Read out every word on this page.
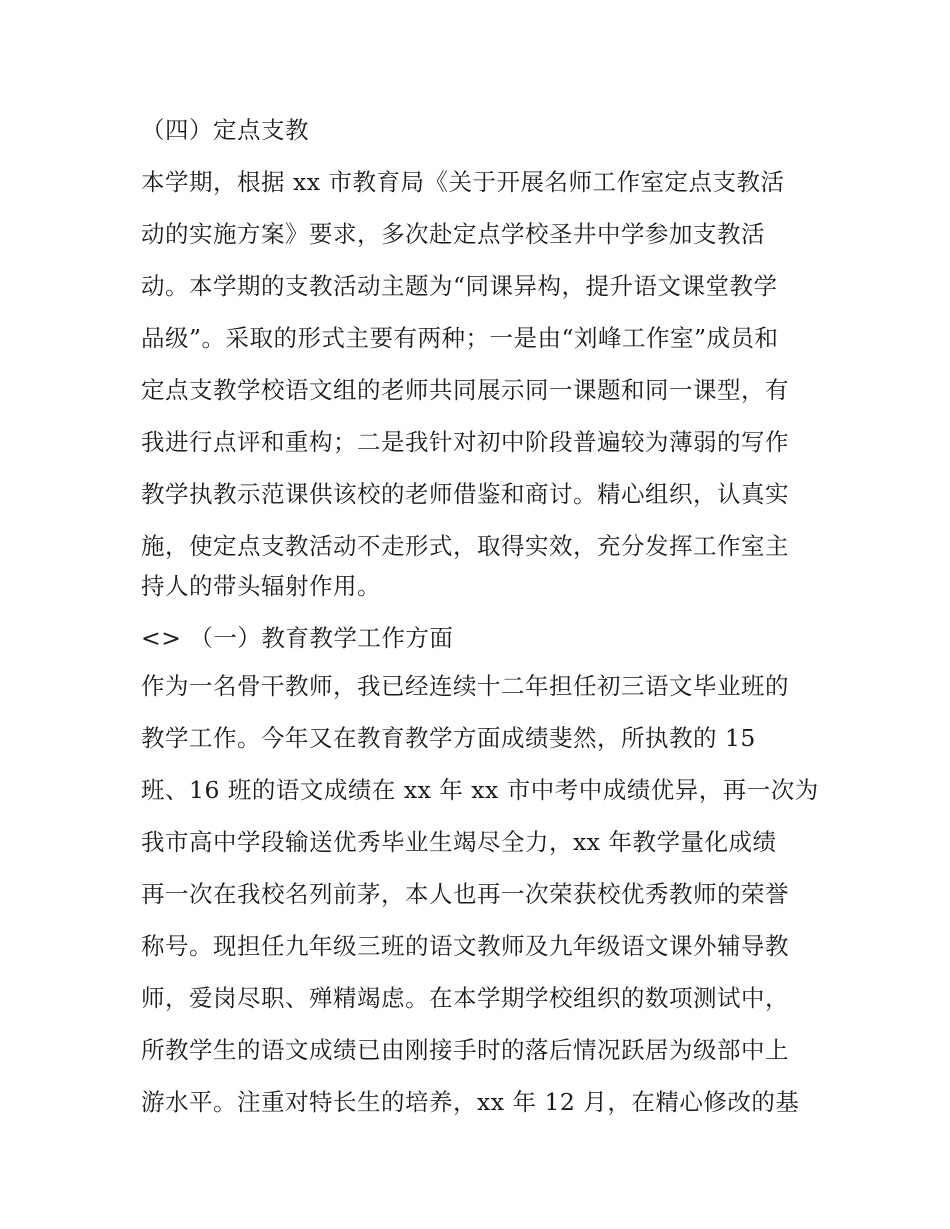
（四）定点支教

本学期，根据 xx 市教育局《关于开展名师工作室定点支教活

动的实施方案》要求，多次赴定点学校圣井中学参加支教活

动。本学期的支教活动主题为“同课异构，提升语文课堂教学

品级”。采取的形式主要有两种；一是由“刘峰工作室”成员和

定点支教学校语文组的老师共同展示同一课题和同一课型，有

我进行点评和重构；二是我针对初中阶段普遍较为薄弱的写作

教学执教示范课供该校的老师借鉴和商讨。精心组织，认真实

施，使定点支教活动不走形式，取得实效，充分发挥工作室主

持人的带头辐射作用。

<> （一）教育教学工作方面

作为一名骨干教师，我已经连续十二年担任初三语文毕业班的

教学工作。今年又在教育教学方面成绩斐然，所执教的 15

班、16 班的语文成绩在 xx 年 xx 市中考中成绩优异，再一次为

我市高中学段输送优秀毕业生竭尽全力，xx 年教学量化成绩

再一次在我校名列前茅，本人也再一次荣获校优秀教师的荣誉

称号。现担任九年级三班的语文教师及九年级语文课外辅导教

师，爱岗尽职、殚精竭虑。在本学期学校组织的数项测试中，

所教学生的语文成绩已由刚接手时的落后情况跃居为级部中上

游水平。注重对特长生的培养，xx 年 12 月，在精心修改的基
